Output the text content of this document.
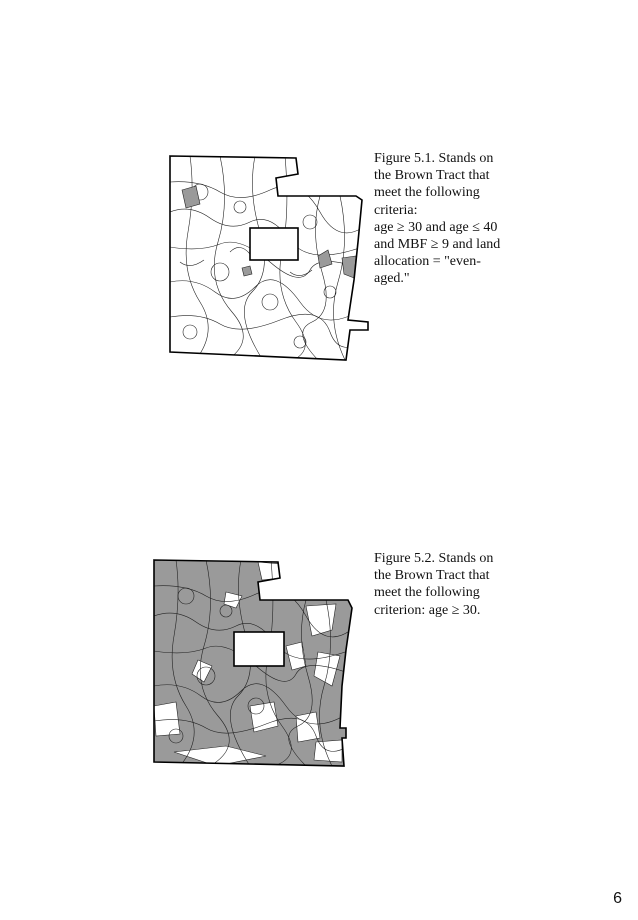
Figure 5.1. Stands on
the Brown Tract that
meet the following
criteria:
age ≥ 30 and age ≤ 40
and MBF ≥ 9 and land
allocation = "even-
aged."
Figure 5.2. Stands on
the Brown Tract that
meet the following
criterion: age ≥ 30.
6
